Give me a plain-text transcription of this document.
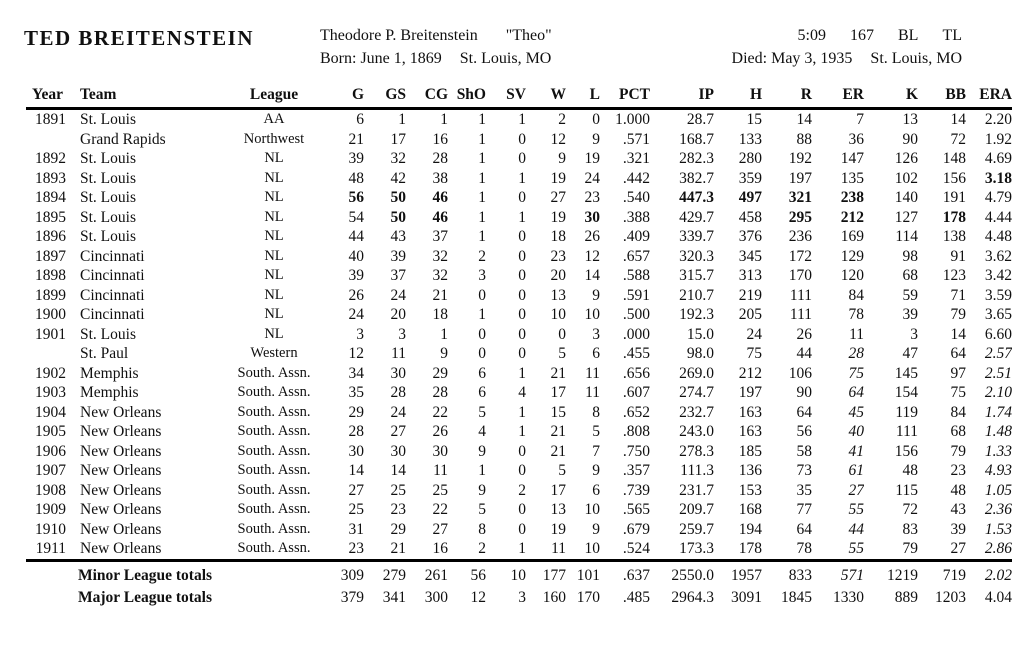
TED BREITENSTEIN	Theodore P. Breitenstein "Theo"
Born: June 1, 1869 St. Louis, MO
5:09 167 BL TL
Died: May 3, 1935 St. Louis, MO
Year	Team	League	G	GS	CG	ShO	SV	W	L	PCT	IP	H	R	ER	K	BB	ERA
1891	St. Louis	AA	6	1	1	1	1	2	0	1.000	28.7	15	14	7	13	14	2.20
	Grand Rapids	Northwest	21	17	16	1	0	12	9	.571	168.7	133	88	36	90	72	1.92
1892	St. Louis	NL	39	32	28	1	0	9	19	.321	282.3	280	192	147	126	148	4.69
1893	St. Louis	NL	48	42	38	1	1	19	24	.442	382.7	359	197	135	102	156	3.18
1894	St. Louis	NL	56	50	46	1	0	27	23	.540	447.3	497	321	238	140	191	4.79
1895	St. Louis	NL	54	50	46	1	1	19	30	.388	429.7	458	295	212	127	178	4.44
1896	St. Louis	NL	44	43	37	1	0	18	26	.409	339.7	376	236	169	114	138	4.48
1897	Cincinnati	NL	40	39	32	2	0	23	12	.657	320.3	345	172	129	98	91	3.62
1898	Cincinnati	NL	39	37	32	3	0	20	14	.588	315.7	313	170	120	68	123	3.42
1899	Cincinnati	NL	26	24	21	0	0	13	9	.591	210.7	219	111	84	59	71	3.59
1900	Cincinnati	NL	24	20	18	1	0	10	10	.500	192.3	205	111	78	39	79	3.65
1901	St. Louis	NL	3	3	1	0	0	0	3	.000	15.0	24	26	11	3	14	6.60
	St. Paul	Western	12	11	9	0	0	5	6	.455	98.0	75	44	28	47	64	2.57
1902	Memphis	South. Assn.	34	30	29	6	1	21	11	.656	269.0	212	106	75	145	97	2.51
1903	Memphis	South. Assn.	35	28	28	6	4	17	11	.607	274.7	197	90	64	154	75	2.10
1904	New Orleans	South. Assn.	29	24	22	5	1	15	8	.652	232.7	163	64	45	119	84	1.74
1905	New Orleans	South. Assn.	28	27	26	4	1	21	5	.808	243.0	163	56	40	111	68	1.48
1906	New Orleans	South. Assn.	30	30	30	9	0	21	7	.750	278.3	185	58	41	156	79	1.33
1907	New Orleans	South. Assn.	14	14	11	1	0	5	9	.357	111.3	136	73	61	48	23	4.93
1908	New Orleans	South. Assn.	27	25	25	9	2	17	6	.739	231.7	153	35	27	115	48	1.05
1909	New Orleans	South. Assn.	25	23	22	5	0	13	10	.565	209.7	168	77	55	72	43	2.36
1910	New Orleans	South. Assn.	31	29	27	8	0	19	9	.679	259.7	194	64	44	83	39	1.53
1911	New Orleans	South. Assn.	23	21	16	2	1	11	10	.524	173.3	178	78	55	79	27	2.86
Minor League totals			309	279	261	56	10	177	101	.637	2550.0	1957	833	571	1219	719	2.02
Major League totals			379	341	300	12	3	160	170	.485	2964.3	3091	1845	1330	889	1203	4.04
